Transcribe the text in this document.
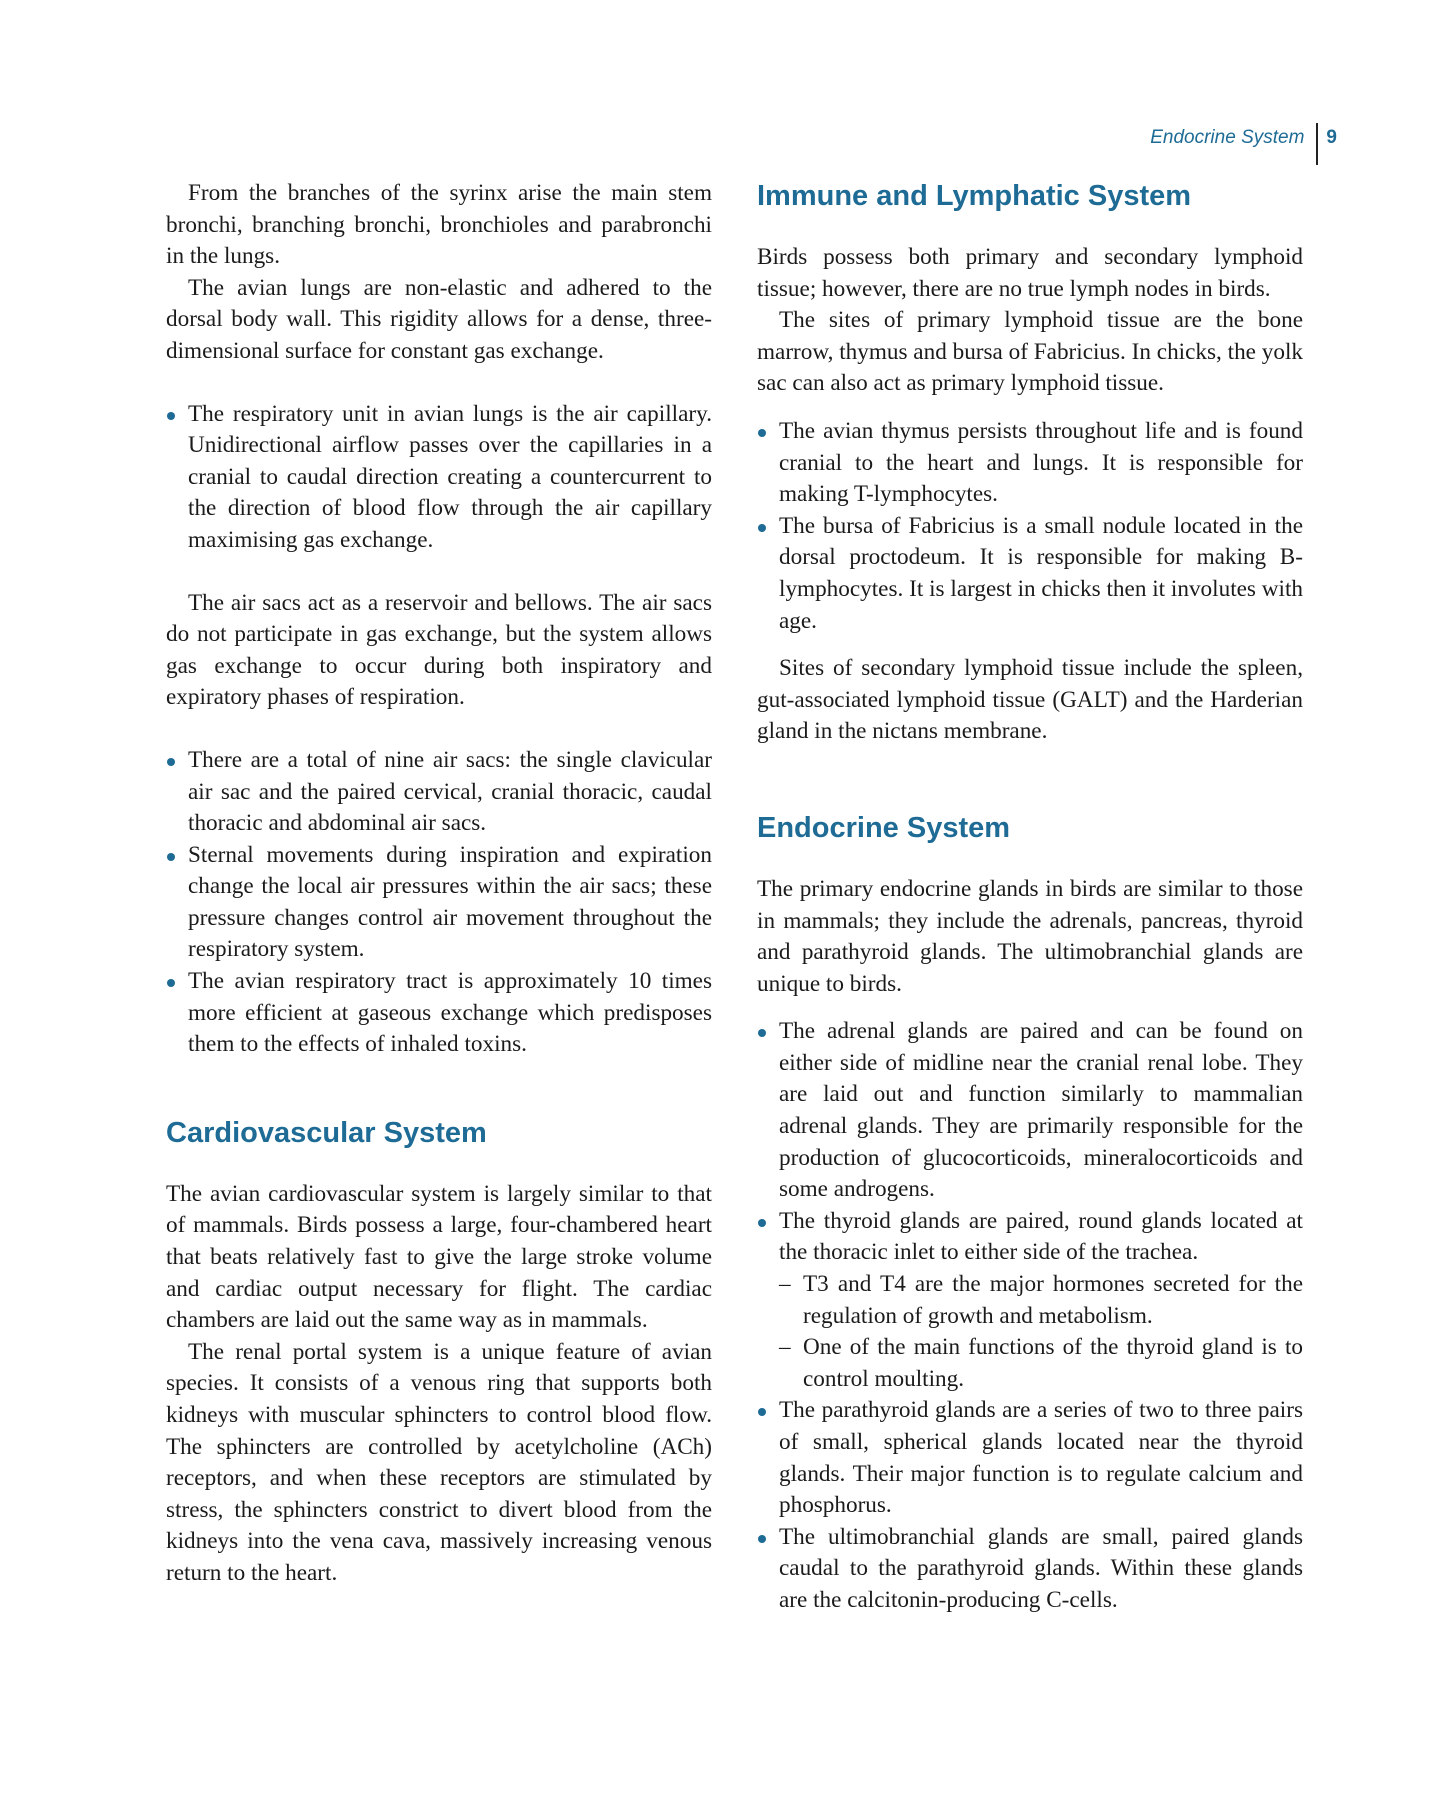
Endocrine System	9

From the branches of the syrinx arise the main stem bronchi, branching bronchi, bronchioles and parabronchi in the lungs.

The avian lungs are non-elastic and adhered to the dorsal body wall. This rigidity allows for a dense, three-dimensional surface for constant gas exchange.

The respiratory unit in avian lungs is the air capillary. Unidirectional airflow passes over the capillaries in a cranial to caudal direction creating a countercurrent to the direction of blood flow through the air capillary maximising gas exchange.

The air sacs act as a reservoir and bellows. The air sacs do not participate in gas exchange, but the system allows gas exchange to occur during both inspiratory and expiratory phases of respiration.

There are a total of nine air sacs: the single clavicular air sac and the paired cervical, cranial thoracic, caudal thoracic and abdominal air sacs.
Sternal movements during inspiration and expiration change the local air pressures within the air sacs; these pressure changes control air movement throughout the respiratory system.
The avian respiratory tract is approximately 10 times more efficient at gaseous exchange which predisposes them to the effects of inhaled toxins.
Cardiovascular System

The avian cardiovascular system is largely similar to that of mammals. Birds possess a large, four-chambered heart that beats relatively fast to give the large stroke volume and cardiac output necessary for flight. The cardiac chambers are laid out the same way as in mammals.

The renal portal system is a unique feature of avian species. It consists of a venous ring that supports both kidneys with muscular sphincters to control blood flow. The sphincters are controlled by acetylcholine (ACh) receptors, and when these receptors are stimulated by stress, the sphincters constrict to divert blood from the kidneys into the vena cava, massively increasing venous return to the heart.

Immune and Lymphatic System

Birds possess both primary and secondary lymphoid tissue; however, there are no true lymph nodes in birds.

The sites of primary lymphoid tissue are the bone marrow, thymus and bursa of Fabricius. In chicks, the yolk sac can also act as primary lymphoid tissue.

The avian thymus persists throughout life and is found cranial to the heart and lungs. It is responsible for making T-lymphocytes.
The bursa of Fabricius is a small nodule located in the dorsal proctodeum. It is responsible for making B-lymphocytes. It is largest in chicks then it involutes with age.

Sites of secondary lymphoid tissue include the spleen, gut-associated lymphoid tissue (GALT) and the Harderian gland in the nictans membrane.

Endocrine System

The primary endocrine glands in birds are similar to those in mammals; they include the adrenals, pancreas, thyroid and parathyroid glands. The ultimobranchial glands are unique to birds.

The adrenal glands are paired and can be found on either side of midline near the cranial renal lobe. They are laid out and function similarly to mammalian adrenal glands. They are primarily responsible for the production of glucocorticoids, mineralocorticoids and some androgens.
The thyroid glands are paired, round glands located at the thoracic inlet to either side of the trachea.
– T3 and T4 are the major hormones secreted for the regulation of growth and metabolism.
– One of the main functions of the thyroid gland is to control moulting.
The parathyroid glands are a series of two to three pairs of small, spherical glands located near the thyroid glands. Their major function is to regulate calcium and phosphorus.
The ultimobranchial glands are small, paired glands caudal to the parathyroid glands. Within these glands are the calcitonin-producing C-cells.
